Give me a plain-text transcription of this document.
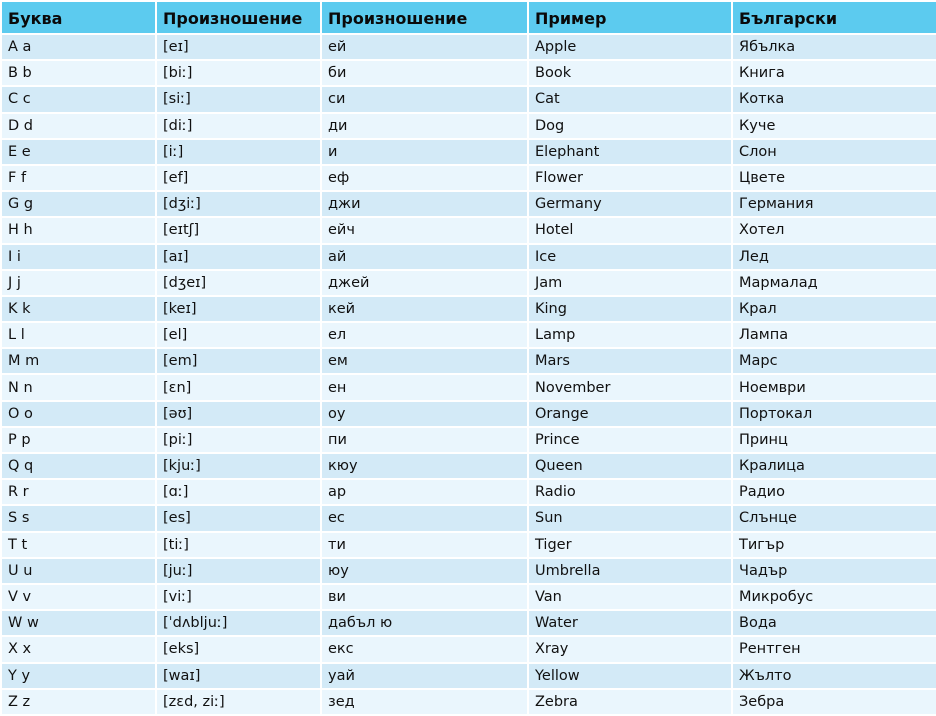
Буква	Произношение	Произношение	Пример	Български
A a	[eɪ]	ей	Apple	Ябълка
B b	[biː]	би	Book	Книга
C c	[siː]	си	Cat	Котка
D d	[diː]	ди	Dog	Куче
E e	[iː]	и	Elephant	Слон
F f	[ef]	еф	Flower	Цвете
G g	[dʒiː]	джи	Germany	Германия
H h	[eɪtʃ]	ейч	Hotel	Хотел
I i	[aɪ]	ай	Ice	Лед
J j	[dʒeɪ]	джей	Jam	Мармалад
K k	[keɪ]	кей	King	Крал
L l	[el]	ел	Lamp	Лампа
M m	[em]	ем	Mars	Марс
N n	[ɛn]	ен	November	Ноември
O o	[əʊ]	оу	Orange	Портокал
P p	[piː]	пи	Prince	Принц
Q q	[kjuː]	кюу	Queen	Кралица
R r	[ɑː]	ар	Radio	Радио
S s	[es]	ес	Sun	Слънце
T t	[tiː]	ти	Tiger	Тигър
U u	[juː]	юу	Umbrella	Чадър
V v	[viː]	ви	Van	Микробус
W w	[ˈdʌbljuː]	дабъл ю	Water	Вода
X x	[eks]	екс	Xray	Рентген
Y y	[waɪ]	уай	Yellow	Жълто
Z z	[zɛd, ziː]	зед	Zebra	Зебра
